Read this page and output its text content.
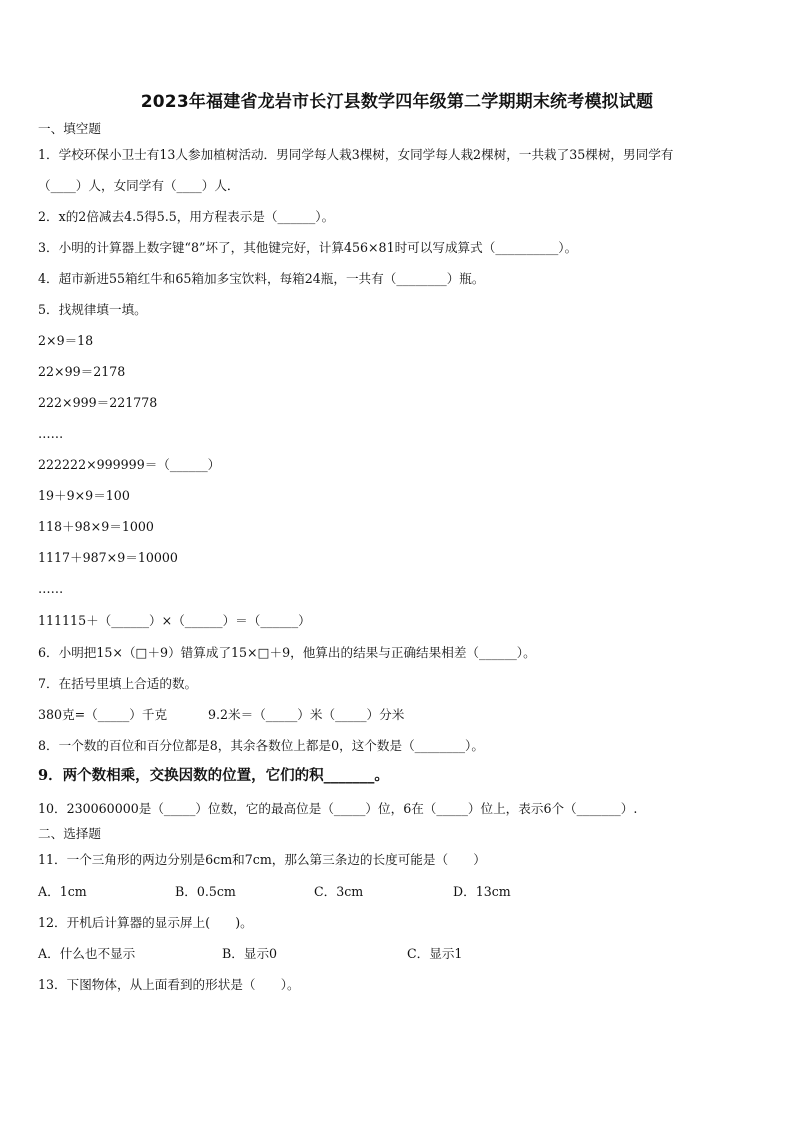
2023年福建省龙岩市长汀县数学四年级第二学期期末统考模拟试题
一、填空题
1．学校环保小卫士有13人参加植树活动．男同学每人栽3棵树，女同学每人栽2棵树，一共栽了35棵树，男同学有
（____）人，女同学有（____）人．
2．x的2倍减去4.5得5.5，用方程表示是（______）。
3．小明的计算器上数字键“8”坏了，其他键完好，计算456×81时可以写成算式（__________）。
4．超市新进55箱红牛和65箱加多宝饮料，每箱24瓶，一共有（________）瓶。
5．找规律填一填。
2×9＝18
22×99＝2178
222×999＝221778
……
222222×999999＝（______）
19＋9×9＝100
118＋98×9＝1000
1117＋987×9＝10000
……
111115＋（______）×（______）＝（______）
6．小明把15×（□＋9）错算成了15×□＋9，他算出的结果与正确结果相差（______）。
7．在括号里填上合适的数。
380克=（_____）千克	9.2米＝（_____）米（_____）分米
8．一个数的百位和百分位都是8，其余各数位上都是0，这个数是（________）。
9．两个数相乘，交换因数的位置，它们的积_______。
10．230060000是（_____）位数，它的最高位是（_____）位，6在（_____）位上，表示6个（_______）.
二、选择题
11．一个三角形的两边分别是6cm和7cm，那么第三条边的长度可能是（　　）
A．1cm	B．0.5cm	C．3cm	D．13cm
12．开机后计算器的显示屏上(　　)。
A．什么也不显示	B．显示0	C．显示1
13．下图物体，从上面看到的形状是（　　）。
